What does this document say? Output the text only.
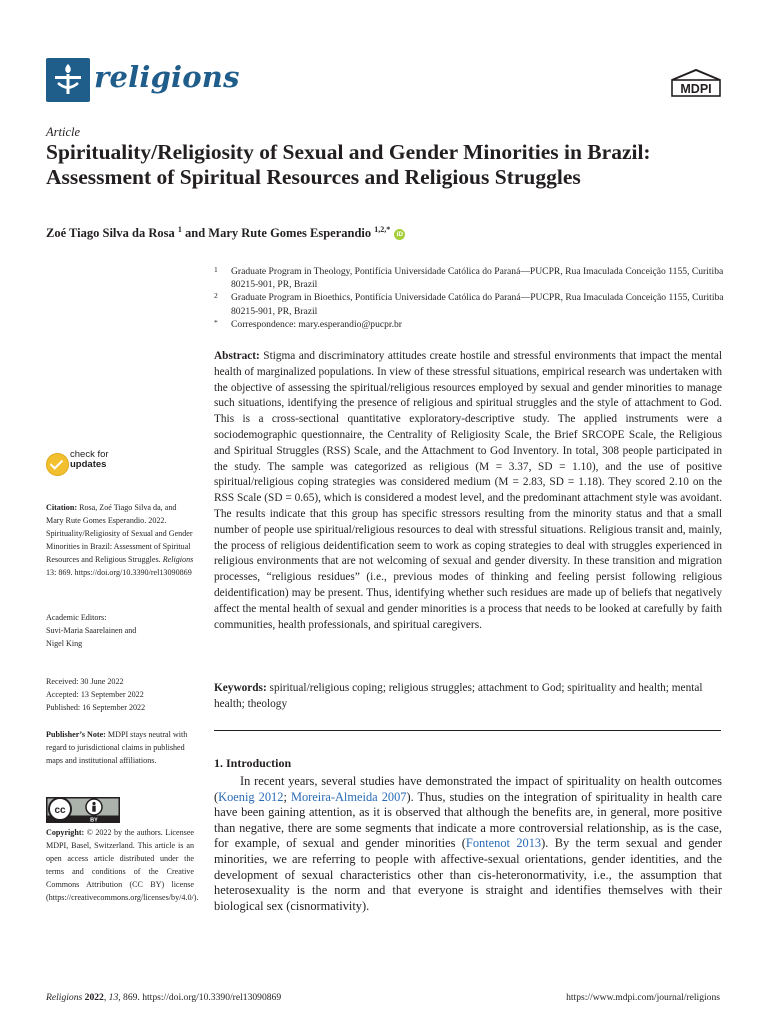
religions	MDPI
Article
Spirituality/Religiosity of Sexual and Gender Minorities in Brazil: Assessment of Spiritual Resources and Religious Struggles
Zoé Tiago Silva da Rosa $^1$ and Mary Rute Gomes Esperandio $^{1,2,*}$ iD
1 Graduate Program in Theology, Pontifícia Universidade Católica do Paraná—PUCPR, Rua Imaculada Conceição 1155, Curitiba 80215-901, PR, Brazil
2 Graduate Program in Bioethics, Pontifícia Universidade Católica do Paraná—PUCPR, Rua Imaculada Conceição 1155, Curitiba 80215-901, PR, Brazil
* Correspondence: mary.esperandio@pucpr.br

Abstract: Stigma and discriminatory attitudes create hostile and stressful environments that impact the mental health of marginalized populations. In view of these stressful situations, empirical research was undertaken with the objective of assessing the spiritual/religious resources employed by sexual and gender minorities to manage such situations, identifying the presence of religious and spiritual struggles and the style of attachment to God. This is a cross-sectional quantitative exploratory-descriptive study. The applied instruments were a sociodemographic questionnaire, the Centrality of Religiosity Scale, the Brief SRCOPE Scale, the Religious and Spiritual Struggles (RSS) Scale, and the Attachment to God Inventory. In total, 308 people participated in the study. The sample was categorized as religious (M = 3.37, SD = 1.10), and the use of positive spiritual/religious coping strategies was considered medium (M = 2.83, SD = 1.18). They scored 2.10 on the RSS Scale (SD = 0.65), which is considered a modest level, and the predominant attachment style was avoidant. The results indicate that this group has specific stressors resulting from the minority status and that a small number of people use spiritual/religious resources to deal with stressful situations. Religious transit and, mainly, the process of religious deidentification seem to work as coping strategies to deal with struggles experienced in religious environments that are not welcoming of sexual and gender diversity. In these transition and migration processes, “religious residues” (i.e., previous modes of thinking and feeling persist following religious deidentification) may be present. Thus, identifying whether such residues are made up of beliefs that negatively affect the mental health of sexual and gender minorities is a process that needs to be looked at carefully by faith communities, health professionals, and spiritual caregivers.

Keywords: spiritual/religious coping; religious struggles; attachment to God; spirituality and health; mental health; theology

1. Introduction

In recent years, several studies have demonstrated the impact of spirituality on health outcomes (Koenig 2012; Moreira-Almeida 2007). Thus, studies on the integration of spirituality in health care have been gaining attention, as it is observed that although the benefits are, in general, more positive than negative, there are some segments that indicate a more controversial relationship, as is the case, for example, of sexual and gender minorities (Fontenot 2013). By the term sexual and gender minorities, we are referring to people with affective-sexual orientations, gender identities, and the development of sexual characteristics other than cis-heteronormativity, i.e., the assumption that heterosexuality is the norm and that everyone is straight and identifies themselves with their biological sex (cisnormativity).

check for
updates
Citation: Rosa, Zoé Tiago Silva da, and Mary Rute Gomes Esperandio. 2022. Spirituality/Religiosity of Sexual and Gender Minorities in Brazil: Assessment of Spiritual Resources and Religious Struggles. Religions 13: 869. https://doi.org/10.3390/rel13090869
Academic Editors:
Suvi-Maria Saarelainen and
Nigel King
Received: 30 June 2022
Accepted: 13 September 2022
Published: 16 September 2022
Publisher’s Note: MDPI stays neutral with regard to jurisdictional claims in published maps and institutional affiliations.
cc
BY
Copyright: © 2022 by the authors. Licensee MDPI, Basel, Switzerland. This article is an open access article distributed under the terms and conditions of the Creative Commons Attribution (CC BY) license (https://creativecommons.org/licenses/by/4.0/).
Religions 2022, 13, 869. https://doi.org/10.3390/rel13090869	https://www.mdpi.com/journal/religions
